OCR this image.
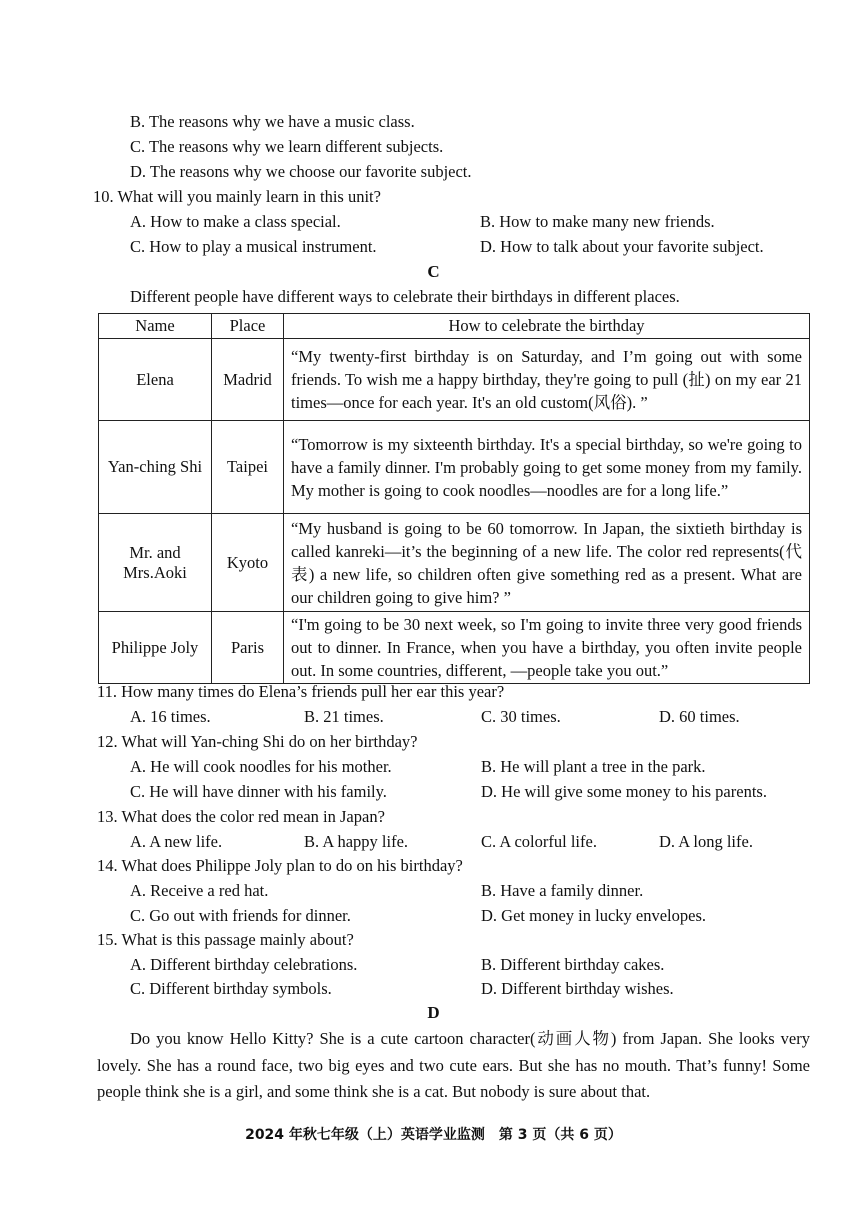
B. The reasons why we have a music class.
C. The reasons why we learn different subjects.
D. The reasons why we choose our favorite subject.
10. What will you mainly learn in this unit?
A. How to make a class special.	B. How to make many new friends.
C. How to play a musical instrument.	D. How to talk about your favorite subject.
C
Different people have different ways to celebrate their birthdays in different places.
Name	Place	How to celebrate the birthday
Elena	Madrid	“My twenty-first birthday is on Saturday, and I’m going out with some friends. To wish me a happy birthday, they're going to pull (扯) on my ear 21 times—once for each year. It's an old custom(风俗). ”
Yan-ching Shi	Taipei	“Tomorrow is my sixteenth birthday. It's a special birthday, so we're going to have a family dinner. I'm probably going to get some money from my family. My mother is going to cook noodles—noodles are for a long life.”
Mr. and Mrs.Aoki	Kyoto	“My husband is going to be 60 tomorrow. In Japan, the sixtieth birthday is called kanreki—it’s the beginning of a new life. The color red represents(代表) a new life, so children often give something red as a present. What are our children going to give him? ”
Philippe Joly	Paris	“I'm going to be 30 next week, so I'm going to invite three very good friends out to dinner. In France, when you have a birthday, you often invite people out. In some countries, different, —people take you out.”
11. How many times do Elena’s friends pull her ear this year?
A. 16 times.	B. 21 times.	C. 30 times.	D. 60 times.
12. What will Yan-ching Shi do on her birthday?
A. He will cook noodles for his mother.	B. He will plant a tree in the park.
C. He will have dinner with his family.	D. He will give some money to his parents.
13. What does the color red mean in Japan?
A. A new life.	B. A happy life.	C. A colorful life.	D. A long life.
14. What does Philippe Joly plan to do on his birthday?
A. Receive a red hat.	B. Have a family dinner.
C. Go out with friends for dinner.	D. Get money in lucky envelopes.
15. What is this passage mainly about?
A. Different birthday celebrations.	B. Different birthday cakes.
C. Different birthday symbols.	D. Different birthday wishes.
D
Do you know Hello Kitty? She is a cute cartoon character(动画人物) from Japan. She looks very lovely. She has a round face, two big eyes and two cute ears. But she has no mouth. That’s funny! Some people think she is a girl, and some think she is a cat. But nobody is sure about that.
2024 年秋七年级（上）英语学业监测　第 3 页（共 6 页）
